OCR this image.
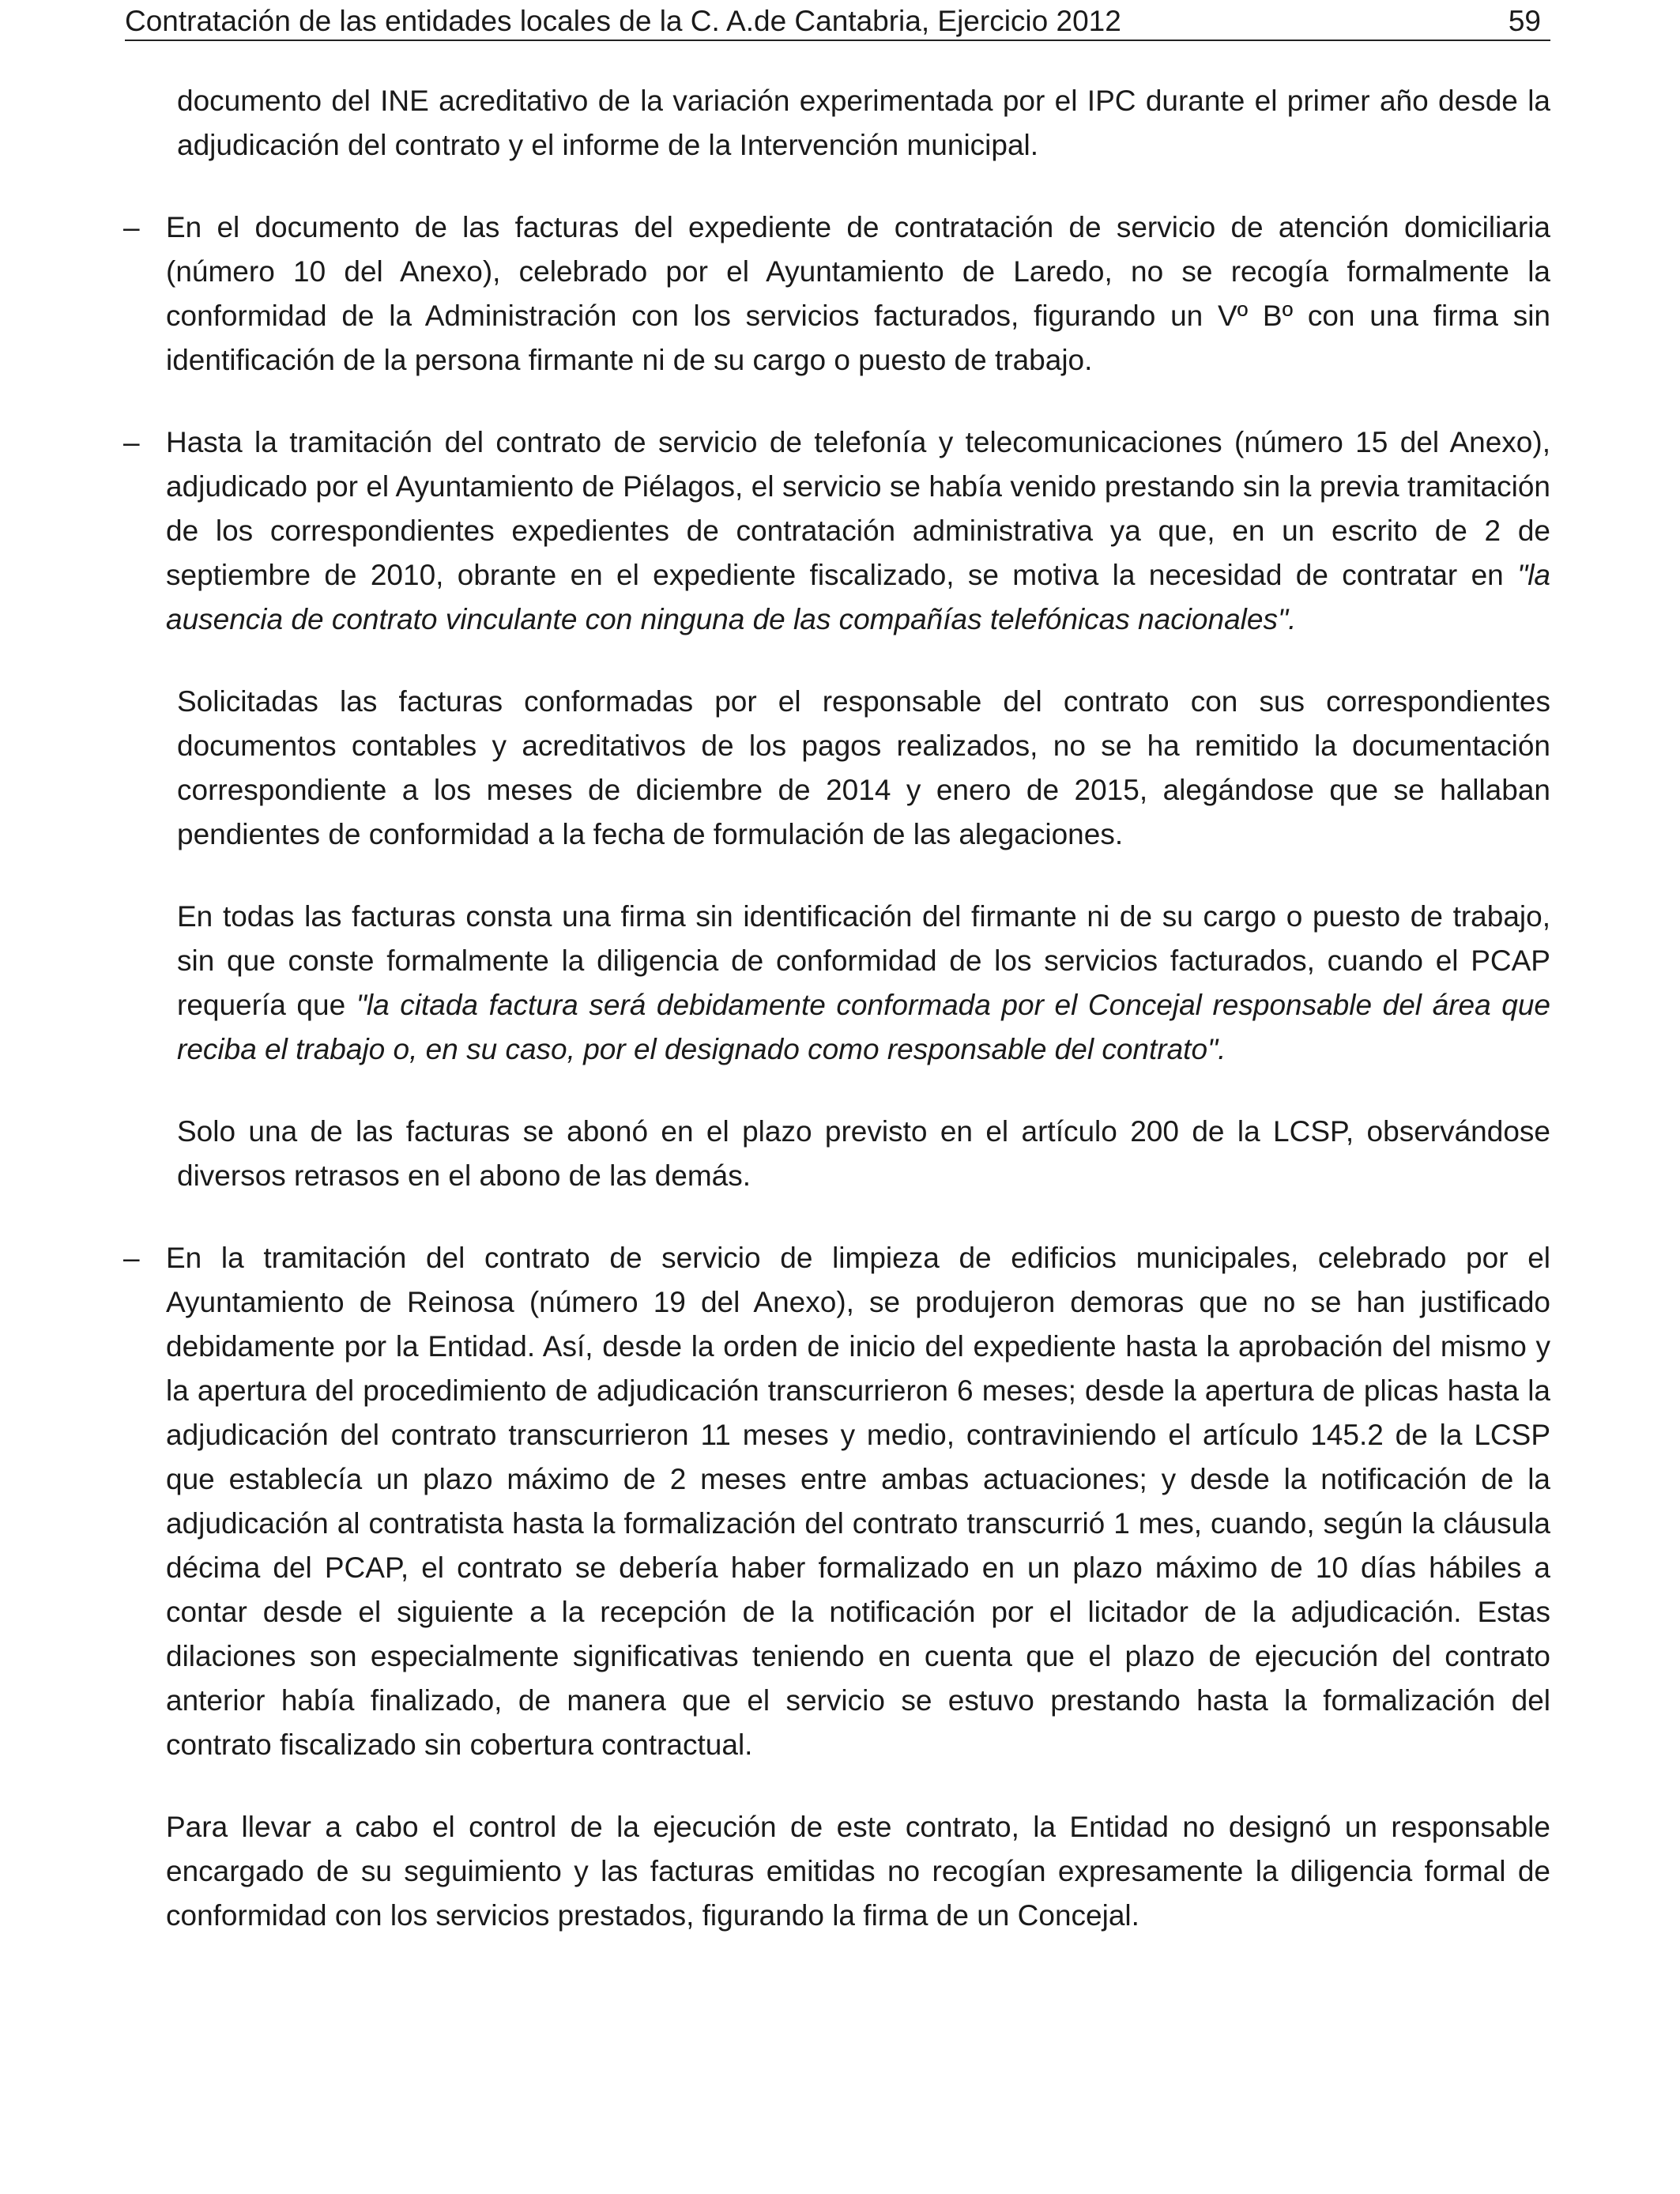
Contratación de las entidades locales de la C. A.de Cantabria, Ejercicio 2012	59

documento del INE acreditativo de la variación experimentada por el IPC durante el primer año desde la adjudicación del contrato y el informe de la Intervención municipal.

– En el documento de las facturas del expediente de contratación de servicio de atención domiciliaria (número 10 del Anexo), celebrado por el Ayuntamiento de Laredo, no se recogía formalmente la conformidad de la Administración con los servicios facturados, figurando un Vº Bº con una firma sin identificación de la persona firmante ni de su cargo o puesto de trabajo.

– Hasta la tramitación del contrato de servicio de telefonía y telecomunicaciones (número 15 del Anexo), adjudicado por el Ayuntamiento de Piélagos, el servicio se había venido prestando sin la previa tramitación de los correspondientes expedientes de contratación administrativa ya que, en un escrito de 2 de septiembre de 2010, obrante en el expediente fiscalizado, se motiva la necesidad de contratar en "la ausencia de contrato vinculante con ninguna de las compañías telefónicas nacionales".

Solicitadas las facturas conformadas por el responsable del contrato con sus correspondientes documentos contables y acreditativos de los pagos realizados, no se ha remitido la documentación correspondiente a los meses de diciembre de 2014 y enero de 2015, alegándose que se hallaban pendientes de conformidad a la fecha de formulación de las alegaciones.

En todas las facturas consta una firma sin identificación del firmante ni de su cargo o puesto de trabajo, sin que conste formalmente la diligencia de conformidad de los servicios facturados, cuando el PCAP requería que "la citada factura será debidamente conformada por el Concejal responsable del área que reciba el trabajo o, en su caso, por el designado como responsable del contrato".

Solo una de las facturas se abonó en el plazo previsto en el artículo 200 de la LCSP, observándose diversos retrasos en el abono de las demás.

– En la tramitación del contrato de servicio de limpieza de edificios municipales, celebrado por el Ayuntamiento de Reinosa (número 19 del Anexo), se produjeron demoras que no se han justificado debidamente por la Entidad. Así, desde la orden de inicio del expediente hasta la aprobación del mismo y la apertura del procedimiento de adjudicación transcurrieron 6 meses; desde la apertura de plicas hasta la adjudicación del contrato transcurrieron 11 meses y medio, contraviniendo el artículo 145.2 de la LCSP que establecía un plazo máximo de 2 meses entre ambas actuaciones; y desde la notificación de la adjudicación al contratista hasta la formalización del contrato transcurrió 1 mes, cuando, según la cláusula décima del PCAP, el contrato se debería haber formalizado en un plazo máximo de 10 días hábiles a contar desde el siguiente a la recepción de la notificación por el licitador de la adjudicación. Estas dilaciones son especialmente significativas teniendo en cuenta que el plazo de ejecución del contrato anterior había finalizado, de manera que el servicio se estuvo prestando hasta la formalización del contrato fiscalizado sin cobertura contractual.

Para llevar a cabo el control de la ejecución de este contrato, la Entidad no designó un responsable encargado de su seguimiento y las facturas emitidas no recogían expresamente la diligencia formal de conformidad con los servicios prestados, figurando la firma de un Concejal.
